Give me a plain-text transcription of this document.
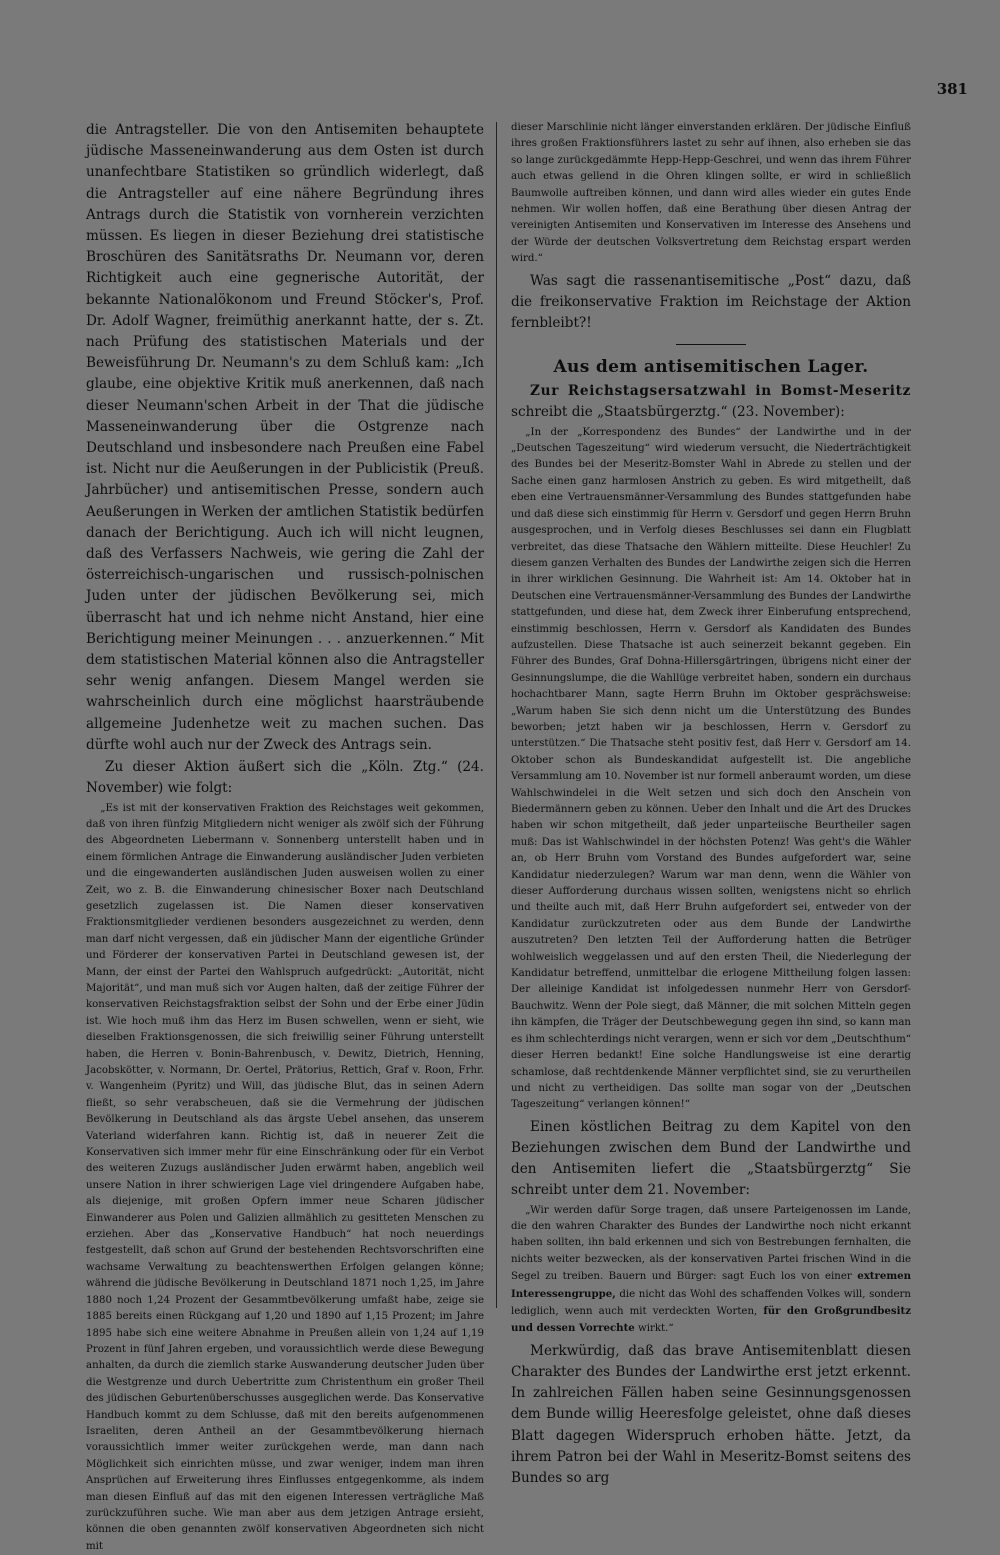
381

die Antragsteller. Die von den Antisemiten behauptete jüdische Masseneinwanderung aus dem Osten ist durch unanfechtbare Statistiken so gründlich widerlegt, daß die Antragsteller auf eine nähere Begründung ihres Antrags durch die Statistik von vornherein verzichten müssen. Es liegen in dieser Beziehung drei statistische Broschüren des Sanitätsraths Dr. Neumann vor, deren Richtigkeit auch eine gegnerische Autorität, der bekannte Nationalökonom und Freund Stöcker's, Prof. Dr. Adolf Wagner, freimüthig anerkannt hatte, der s. Zt. nach Prüfung des statistischen Materials und der Beweisführung Dr. Neumann's zu dem Schluß kam: „Ich glaube, eine objektive Kritik muß anerkennen, daß nach dieser Neumann'schen Arbeit in der That die jüdische Masseneinwanderung über die Ostgrenze nach Deutschland und insbesondere nach Preußen eine Fabel ist. Nicht nur die Aeußerungen in der Publicistik (Preuß. Jahrbücher) und antisemitischen Presse, sondern auch Aeußerungen in Werken der amtlichen Statistik bedürfen danach der Berichtigung. Auch ich will nicht leugnen, daß des Verfassers Nachweis, wie gering die Zahl der österreichisch-ungarischen und russisch-polnischen Juden unter der jüdischen Bevölkerung sei, mich überrascht hat und ich nehme nicht Anstand, hier eine Berichtigung meiner Meinungen . . . anzuerkennen.“ Mit dem statistischen Material können also die Antragsteller sehr wenig anfangen. Diesem Mangel werden sie wahrscheinlich durch eine möglichst haarsträubende allgemeine Judenhetze weit zu machen suchen. Das dürfte wohl auch nur der Zweck des Antrags sein.

Zu dieser Aktion äußert sich die „Köln. Ztg.“ (24. November) wie folgt:

„Es ist mit der konservativen Fraktion des Reichstages weit gekommen, daß von ihren fünfzig Mitgliedern nicht weniger als zwölf sich der Führung des Abgeordneten Liebermann v. Sonnenberg unterstellt haben und in einem förmlichen Antrage die Einwanderung ausländischer Juden verbieten und die eingewanderten ausländischen Juden ausweisen wollen zu einer Zeit, wo z. B. die Einwanderung chinesischer Boxer nach Deutschland gesetzlich zugelassen ist. Die Namen dieser konservativen Fraktionsmitglieder verdienen besonders ausgezeichnet zu werden, denn man darf nicht vergessen, daß ein jüdischer Mann der eigentliche Gründer und Förderer der konservativen Partei in Deutschland gewesen ist, der Mann, der einst der Partei den Wahlspruch aufgedrückt: „Autorität, nicht Majorität“, und man muß sich vor Augen halten, daß der zeitige Führer der konservativen Reichstagsfraktion selbst der Sohn und der Erbe einer Jüdin ist. Wie hoch muß ihm das Herz im Busen schwellen, wenn er sieht, wie dieselben Fraktionsgenossen, die sich freiwillig seiner Führung unterstellt haben, die Herren v. Bonin-Bahrenbusch, v. Dewitz, Dietrich, Henning, Jacobskötter, v. Normann, Dr. Oertel, Prätorius, Rettich, Graf v. Roon, Frhr. v. Wangenheim (Pyritz) und Will, das jüdische Blut, das in seinen Adern fließt, so sehr verabscheuen, daß sie die Vermehrung der jüdischen Bevölkerung in Deutschland als das ärgste Uebel ansehen, das unserem Vaterland widerfahren kann. Richtig ist, daß in neuerer Zeit die Konservativen sich immer mehr für eine Einschränkung oder für ein Verbot des weiteren Zuzugs ausländischer Juden erwärmt haben, angeblich weil unsere Nation in ihrer schwierigen Lage viel dringendere Aufgaben habe, als diejenige, mit großen Opfern immer neue Scharen jüdischer Einwanderer aus Polen und Galizien allmählich zu gesitteten Menschen zu erziehen. Aber das „Konservative Handbuch“ hat noch neuerdings festgestellt, daß schon auf Grund der bestehenden Rechtsvorschriften eine wachsame Verwaltung zu beachtenswerthen Erfolgen gelangen könne; während die jüdische Bevölkerung in Deutschland 1871 noch 1,25, im Jahre 1880 noch 1,24 Prozent der Gesammtbevölkerung umfaßt habe, zeige sie 1885 bereits einen Rückgang auf 1,20 und 1890 auf 1,15 Prozent; im Jahre 1895 habe sich eine weitere Abnahme in Preußen allein von 1,24 auf 1,19 Prozent in fünf Jahren ergeben, und voraussichtlich werde diese Bewegung anhalten, da durch die ziemlich starke Auswanderung deutscher Juden über die Westgrenze und durch Uebertritte zum Christenthum ein großer Theil des jüdischen Geburtenüberschusses ausgeglichen werde. Das Konservative Handbuch kommt zu dem Schlusse, daß mit den bereits aufgenommenen Israeliten, deren Antheil an der Gesammtbevölkerung hiernach voraussichtlich immer weiter zurückgehen werde, man dann nach Möglichkeit sich einrichten müsse, und zwar weniger, indem man ihren Ansprüchen auf Erweiterung ihres Einflusses entgegenkomme, als indem man diesen Einfluß auf das mit den eigenen Interessen verträgliche Maß zurückzuführen suche. Wie man aber aus dem jetzigen Antrage ersieht, können die oben genannten zwölf konservativen Abgeordneten sich nicht mit

dieser Marschlinie nicht länger einverstanden erklären. Der jüdische Einfluß ihres großen Fraktionsführers lastet zu sehr auf ihnen, also erheben sie das so lange zurückgedämmte Hepp-Hepp-Geschrei, und wenn das ihrem Führer auch etwas gellend in die Ohren klingen sollte, er wird in schließlich Baumwolle auftreiben können, und dann wird alles wieder ein gutes Ende nehmen. Wir wollen hoffen, daß eine Berathung über diesen Antrag der vereinigten Antisemiten und Konservativen im Interesse des Ansehens und der Würde der deutschen Volksvertretung dem Reichstag erspart werden wird.“

Was sagt die rassenantisemitische „Post“ dazu, daß die freikonservative Fraktion im Reichstage der Aktion fernbleibt?!

Aus dem antisemitischen Lager.

Zur Reichstagsersatzwahl in Bomst-Meseritz schreibt die „Staatsbürgerztg.“ (23. November):

„In der „Korrespondenz des Bundes“ der Landwirthe und in der „Deutschen Tageszeitung“ wird wiederum versucht, die Niederträchtigkeit des Bundes bei der Meseritz-Bomster Wahl in Abrede zu stellen und der Sache einen ganz harmlosen Anstrich zu geben. Es wird mitgetheilt, daß eben eine Vertrauensmänner-Versammlung des Bundes stattgefunden habe und daß diese sich einstimmig für Herrn v. Gersdorf und gegen Herrn Bruhn ausgesprochen, und in Verfolg dieses Beschlusses sei dann ein Flugblatt verbreitet, das diese Thatsache den Wählern mitteilte. Diese Heuchler! Zu diesem ganzen Verhalten des Bundes der Landwirthe zeigen sich die Herren in ihrer wirklichen Gesinnung. Die Wahrheit ist: Am 14. Oktober hat in Deutschen eine Vertrauensmänner-Versammlung des Bundes der Landwirthe stattgefunden, und diese hat, dem Zweck ihrer Einberufung entsprechend, einstimmig beschlossen, Herrn v. Gersdorf als Kandidaten des Bundes aufzustellen. Diese Thatsache ist auch seinerzeit bekannt gegeben. Ein Führer des Bundes, Graf Dohna-Hillersgärtringen, übrigens nicht einer der Gesinnungslumpe, die die Wahllüge verbreitet haben, sondern ein durchaus hochachtbarer Mann, sagte Herrn Bruhn im Oktober gesprächsweise: „Warum haben Sie sich denn nicht um die Unterstützung des Bundes beworben; jetzt haben wir ja beschlossen, Herrn v. Gersdorf zu unterstützen.“ Die Thatsache steht positiv fest, daß Herr v. Gersdorf am 14. Oktober schon als Bundeskandidat aufgestellt ist. Die angebliche Versammlung am 10. November ist nur formell anberaumt worden, um diese Wahlschwindelei in die Welt setzen und sich doch den Anschein von Biedermännern geben zu können. Ueber den Inhalt und die Art des Druckes haben wir schon mitgetheilt, daß jeder unparteiische Beurtheiler sagen muß: Das ist Wahlschwindel in der höchsten Potenz! Was geht's die Wähler an, ob Herr Bruhn vom Vorstand des Bundes aufgefordert war, seine Kandidatur niederzulegen? Warum war man denn, wenn die Wähler von dieser Aufforderung durchaus wissen sollten, wenigstens nicht so ehrlich und theilte auch mit, daß Herr Bruhn aufgefordert sei, entweder von der Kandidatur zurückzutreten oder aus dem Bunde der Landwirthe auszutreten? Den letzten Teil der Aufforderung hatten die Betrüger wohlweislich weggelassen und auf den ersten Theil, die Niederlegung der Kandidatur betreffend, unmittelbar die erlogene Mittheilung folgen lassen: Der alleinige Kandidat ist infolgedessen nunmehr Herr von Gersdorf-Bauchwitz. Wenn der Pole siegt, daß Männer, die mit solchen Mitteln gegen ihn kämpfen, die Träger der Deutschbewegung gegen ihn sind, so kann man es ihm schlechterdings nicht verargen, wenn er sich vor dem „Deutschthum“ dieser Herren bedankt! Eine solche Handlungsweise ist eine derartig schamlose, daß rechtdenkende Männer verpflichtet sind, sie zu verurtheilen und nicht zu vertheidigen. Das sollte man sogar von der „Deutschen Tageszeitung“ verlangen können!“

Einen köstlichen Beitrag zu dem Kapitel von den Beziehungen zwischen dem Bund der Landwirthe und den Antisemiten liefert die „Staatsbürgerztg“ Sie schreibt unter dem 21. November:

„Wir werden dafür Sorge tragen, daß unsere Parteigenossen im Lande, die den wahren Charakter des Bundes der Landwirthe noch nicht erkannt haben sollten, ihn bald erkennen und sich von Bestrebungen fernhalten, die nichts weiter bezwecken, als der konservativen Partei frischen Wind in die Segel zu treiben. Bauern und Bürger: sagt Euch los von einer extremen Interessengruppe, die nicht das Wohl des schaffenden Volkes will, sondern lediglich, wenn auch mit verdeckten Worten, für den Großgrundbesitz und dessen Vorrechte wirkt.“

Merkwürdig, daß das brave Antisemitenblatt diesen Charakter des Bundes der Landwirthe erst jetzt erkennt. In zahlreichen Fällen haben seine Gesinnungsgenossen dem Bunde willig Heeresfolge geleistet, ohne daß dieses Blatt dagegen Widerspruch erhoben hätte. Jetzt, da ihrem Patron bei der Wahl in Meseritz-Bomst seitens des Bundes so arg
